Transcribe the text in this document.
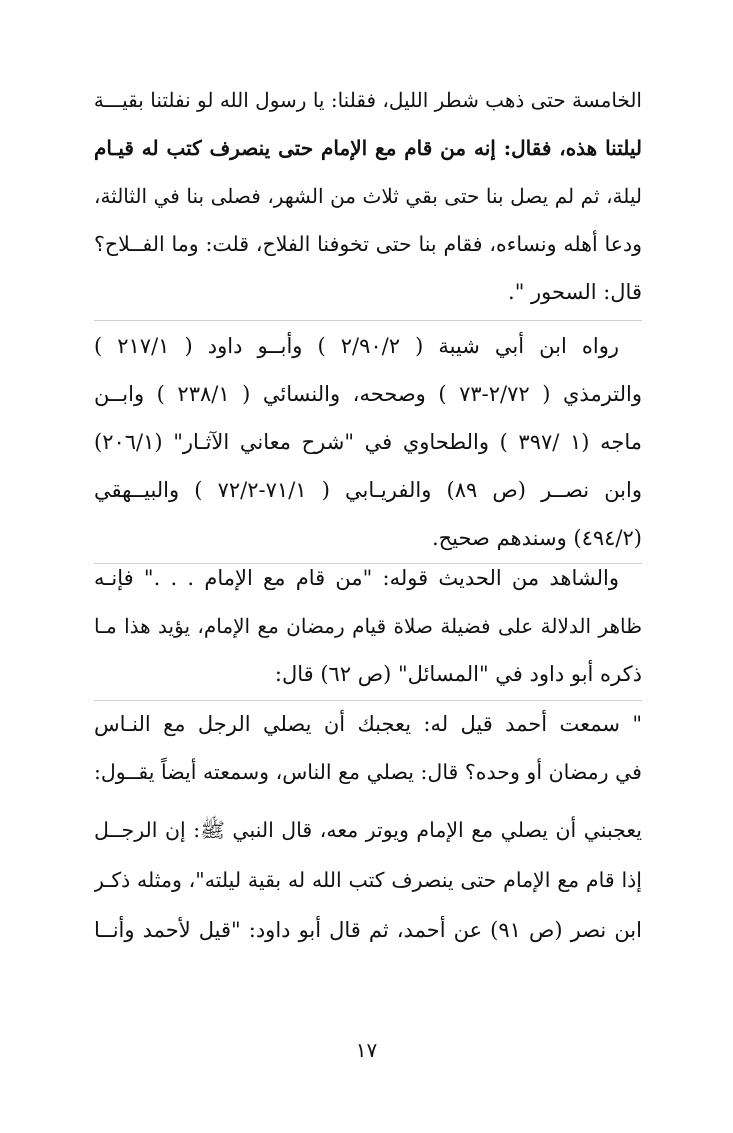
الخامسة حتى ذهب شطر الليل، فقلنا: يا رسول الله لو نفلتنا بقيـــة
ليلتنا هذه، فقال: إنه من قام مع الإمام حتى ينصرف كتب له قيـام
ليلة، ثم لم يصل بنا حتى بقي ثلاث من الشهر، فصلى بنا في الثالثة،
ودعا أهله ونساءه، فقام بنا حتى تخوفنا الفلاح، قلت: وما الفــلاح؟
قال: السحور ".
رواه ابن أبي شيبة ( ٢/٩٠/٢ ) وأبــو داود ( ٢١٧/١ )
والترمذي ( ٢/٧٢-٧٣ ) وصححه، والنسائي ( ٢٣٨/١ ) وابــن
ماجه (١ /٣٩٧ ) والطحاوي في "شرح معاني الآثـار" (٢٠٦/١)
وابن نصــر (ص ٨٩) والفريـابي ( ٧١/١-٧٢/٢ ) والبيــهقي
(٤٩٤/٢) وسندهم صحيح.
والشاهد من الحديث قوله: "من قام مع الإمام . . ." فإنـه
ظاهر الدلالة على فضيلة صلاة قيام رمضان مع الإمام، يؤيد هذا مـا
ذكره أبو داود في "المسائل" (ص ٦٢) قال:
" سمعت أحمد قيل له: يعجبك أن يصلي الرجل مع النـاس
في رمضان أو وحده؟ قال: يصلي مع الناس، وسمعته أيضاً يقــول:
يعجبني أن يصلي مع الإمام ويوتر معه، قال النبي ﷺ: إن الرجــل
إذا قام مع الإمام حتى ينصرف كتب الله له بقية ليلته"، ومثله ذكـر
ابن نصر (ص ٩١) عن أحمد، ثم قال أبو داود: "قيل لأحمد وأنــا
١٧
